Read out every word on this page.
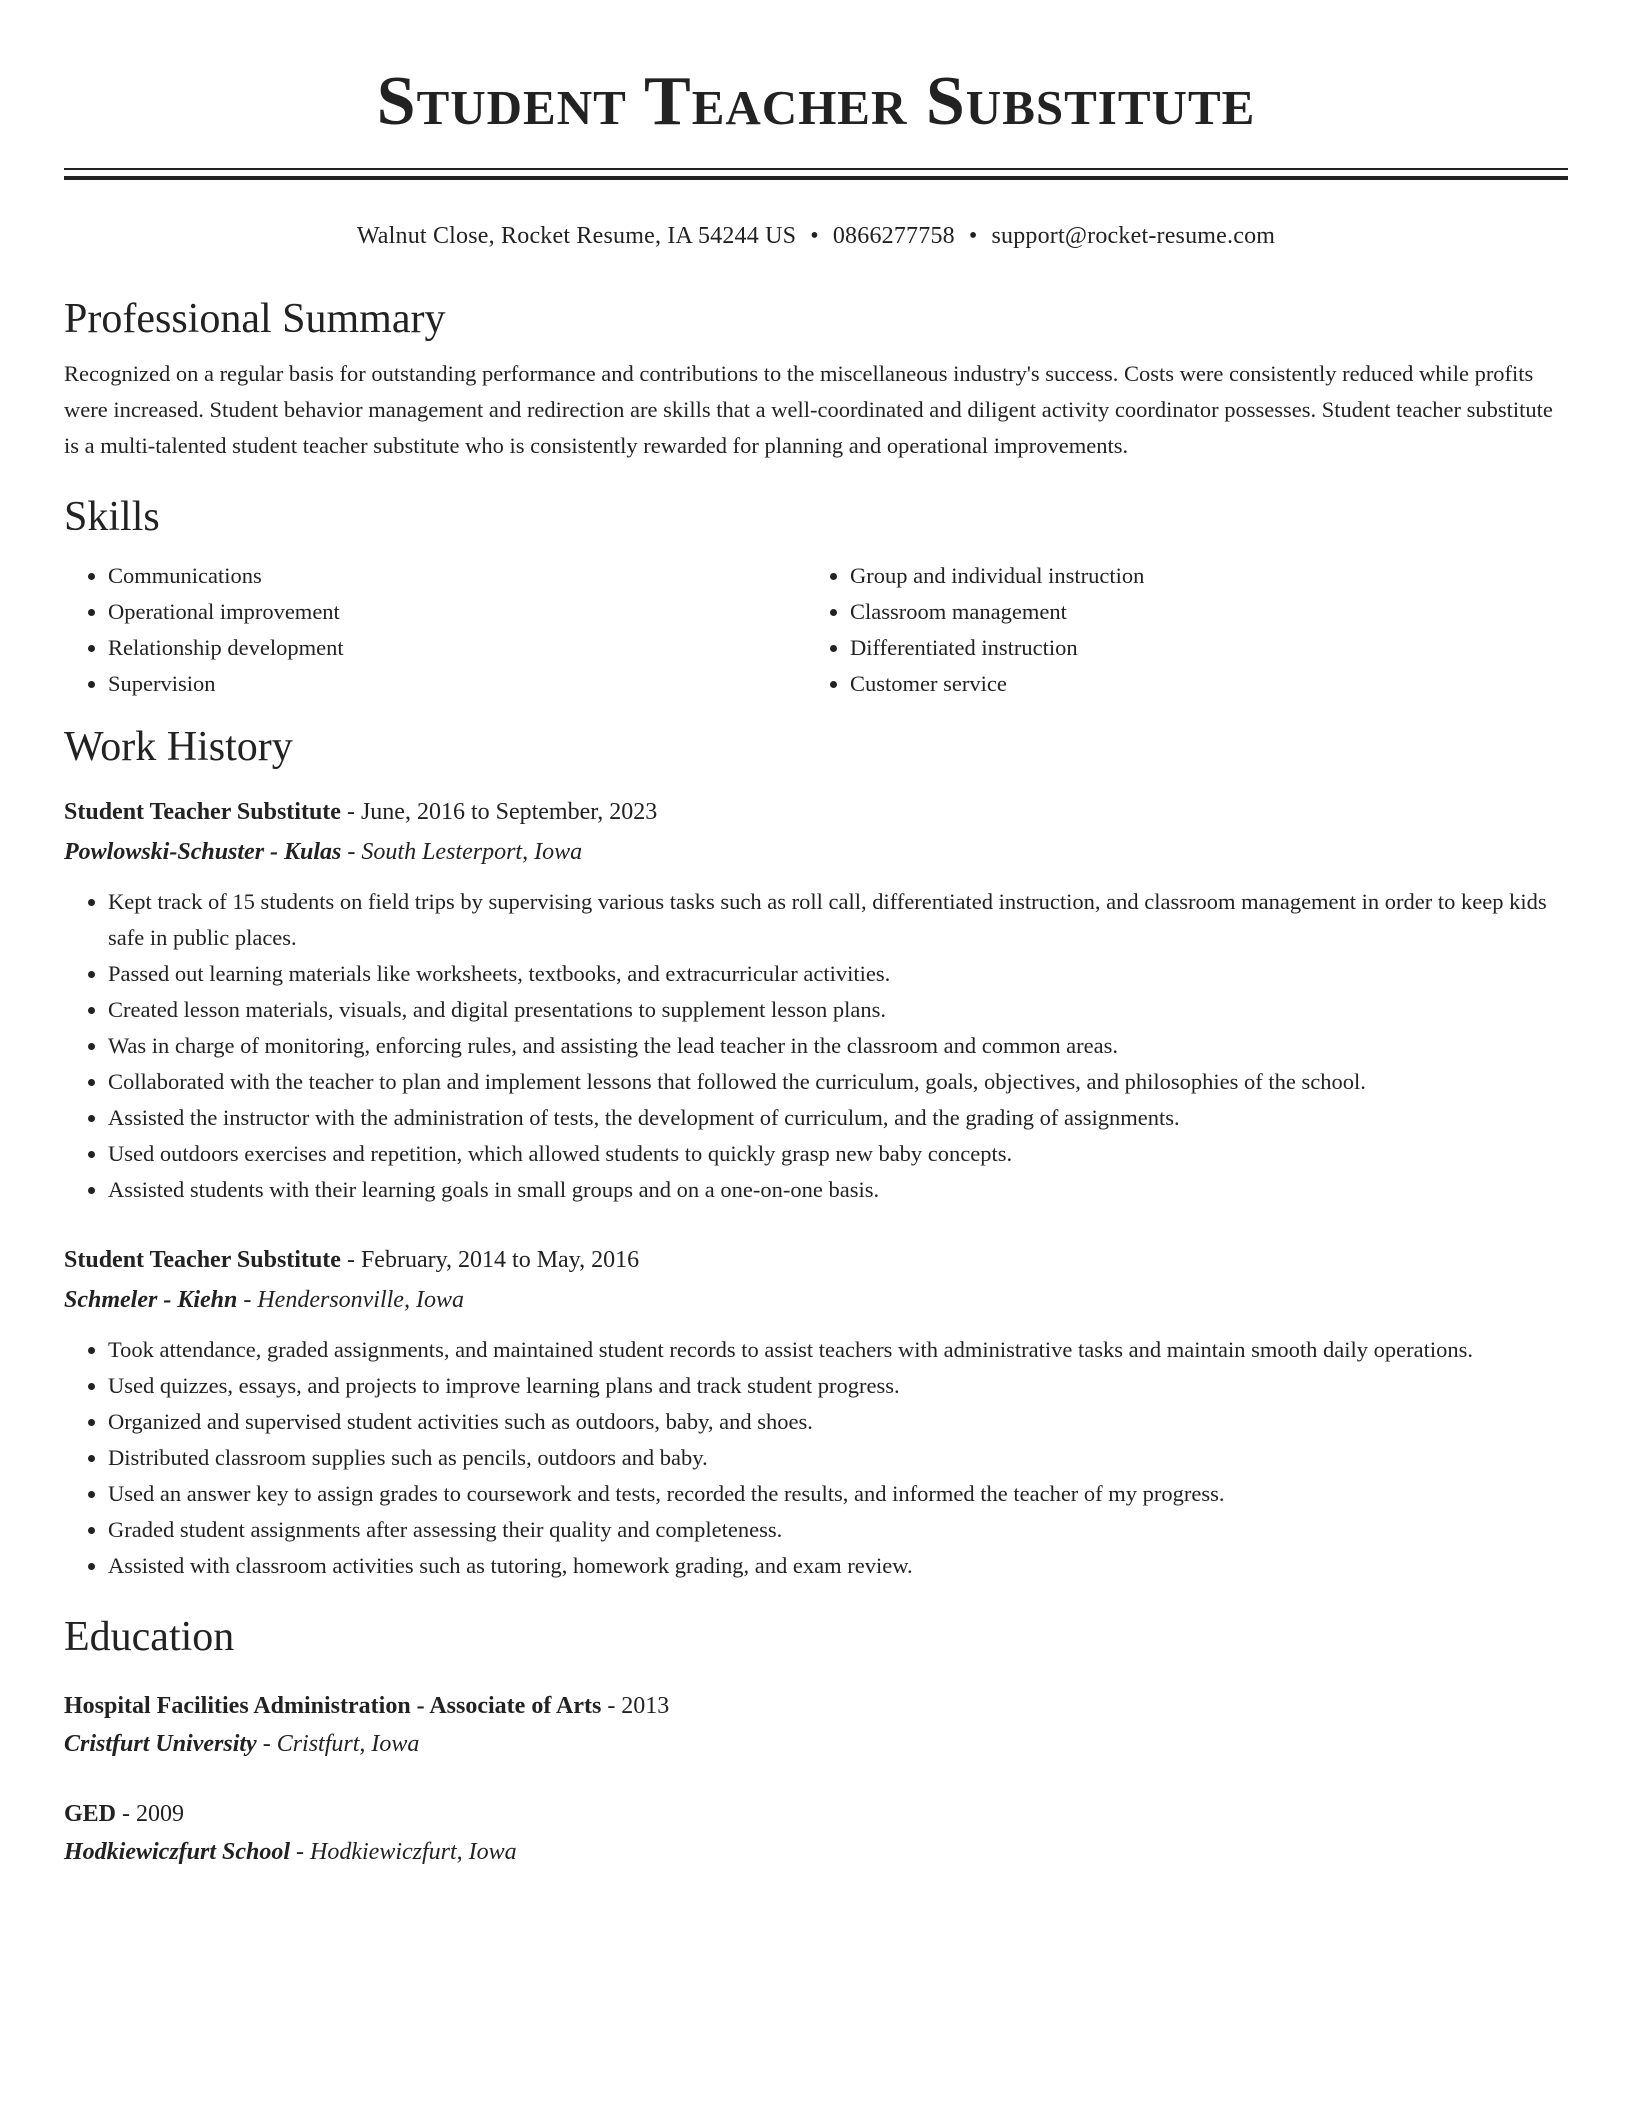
Student Teacher Substitute
Walnut Close, Rocket Resume, IA 54244 US • 0866277758 • support@rocket-resume.com
Professional Summary

Recognized on a regular basis for outstanding performance and contributions to the miscellaneous industry's success. Costs were consistently reduced while profits were increased. Student behavior management and redirection are skills that a well-coordinated and diligent activity coordinator possesses. Student teacher substitute is a multi-talented student teacher substitute who is consistently rewarded for planning and operational improvements.

Skills
• Communications
• Operational improvement
• Relationship development
• Supervision
• Group and individual instruction
• Classroom management
• Differentiated instruction
• Customer service
Work History
Student Teacher Substitute - June, 2016 to September, 2023
Powlowski-Schuster - Kulas - South Lesterport, Iowa
• Kept track of 15 students on field trips by supervising various tasks such as roll call, differentiated instruction, and classroom management in order to keep kids safe in public places.
• Passed out learning materials like worksheets, textbooks, and extracurricular activities.
• Created lesson materials, visuals, and digital presentations to supplement lesson plans.
• Was in charge of monitoring, enforcing rules, and assisting the lead teacher in the classroom and common areas.
• Collaborated with the teacher to plan and implement lessons that followed the curriculum, goals, objectives, and philosophies of the school.
• Assisted the instructor with the administration of tests, the development of curriculum, and the grading of assignments.
• Used outdoors exercises and repetition, which allowed students to quickly grasp new baby concepts.
• Assisted students with their learning goals in small groups and on a one-on-one basis.
Student Teacher Substitute - February, 2014 to May, 2016
Schmeler - Kiehn - Hendersonville, Iowa
• Took attendance, graded assignments, and maintained student records to assist teachers with administrative tasks and maintain smooth daily operations.
• Used quizzes, essays, and projects to improve learning plans and track student progress.
• Organized and supervised student activities such as outdoors, baby, and shoes.
• Distributed classroom supplies such as pencils, outdoors and baby.
• Used an answer key to assign grades to coursework and tests, recorded the results, and informed the teacher of my progress.
• Graded student assignments after assessing their quality and completeness.
• Assisted with classroom activities such as tutoring, homework grading, and exam review.
Education
Hospital Facilities Administration - Associate of Arts - 2013
Cristfurt University - Cristfurt, Iowa
GED - 2009
Hodkiewiczfurt School - Hodkiewiczfurt, Iowa
